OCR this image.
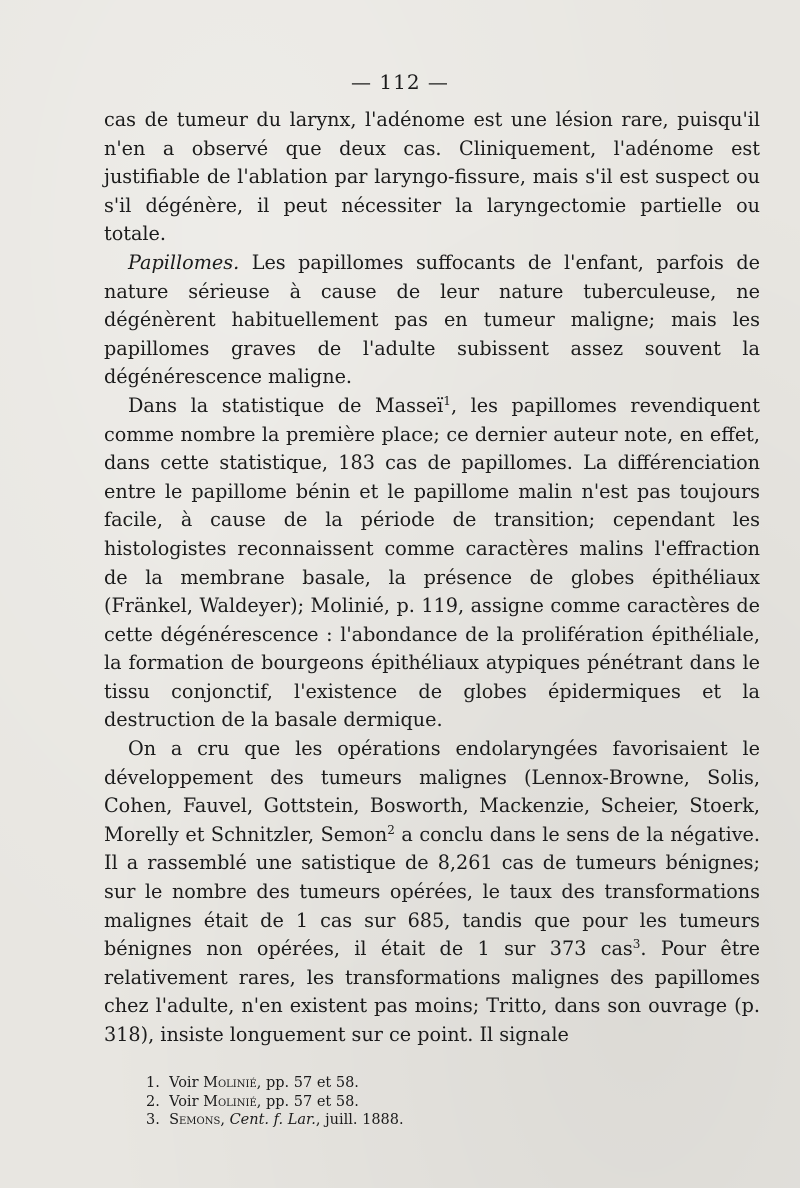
— 112 —

cas de tumeur du larynx, l'adénome est une lésion rare, puisqu'il n'en a observé que deux cas. Cliniquement, l'adénome est justifiable de l'ablation par laryngo-fissure, mais s'il est suspect ou s'il dégénère, il peut nécessiter la laryngectomie partielle ou totale.

Papillomes. Les papillomes suffocants de l'enfant, parfois de nature sérieuse à cause de leur nature tuberculeuse, ne dégénèrent habituellement pas en tumeur maligne; mais les papillomes graves de l'adulte subissent assez souvent la dégénérescence maligne.

Dans la statistique de Masseï$^1$, les papillomes revendiquent comme nombre la première place; ce dernier auteur note, en effet, dans cette statistique, 183 cas de papillomes. La différenciation entre le papillome bénin et le papillome malin n'est pas toujours facile, à cause de la période de transition; cependant les histologistes reconnaissent comme caractères malins l'effraction de la membrane basale, la présence de globes épithéliaux (Fränkel, Waldeyer); Molinié, p. 119, assigne comme caractères de cette dégénérescence : l'abondance de la prolifération épithéliale, la formation de bourgeons épithéliaux atypiques pénétrant dans le tissu conjonctif, l'existence de globes épidermiques et la destruction de la basale dermique.

On a cru que les opérations endolaryngées favorisaient le développement des tumeurs malignes (Lennox-Browne, Solis, Cohen, Fauvel, Gottstein, Bosworth, Mackenzie, Scheier, Stoerk, Morelly et Schnitzler, Semon$^2$ a conclu dans le sens de la négative. Il a rassemblé une satistique de 8,261 cas de tumeurs bénignes; sur le nombre des tumeurs opérées, le taux des transformations malignes était de 1 cas sur 685, tandis que pour les tumeurs bénignes non opérées, il était de 1 sur 373 cas$^3$. Pour être relativement rares, les transformations malignes des papillomes chez l'adulte, n'en existent pas moins; Tritto, dans son ouvrage (p. 318), insiste longuement sur ce point. Il signale

1. Voir Molinié, pp. 57 et 58.
2. Voir Molinié, pp. 57 et 58.
3. Semons, Cent. f. Lar., juill. 1888.
